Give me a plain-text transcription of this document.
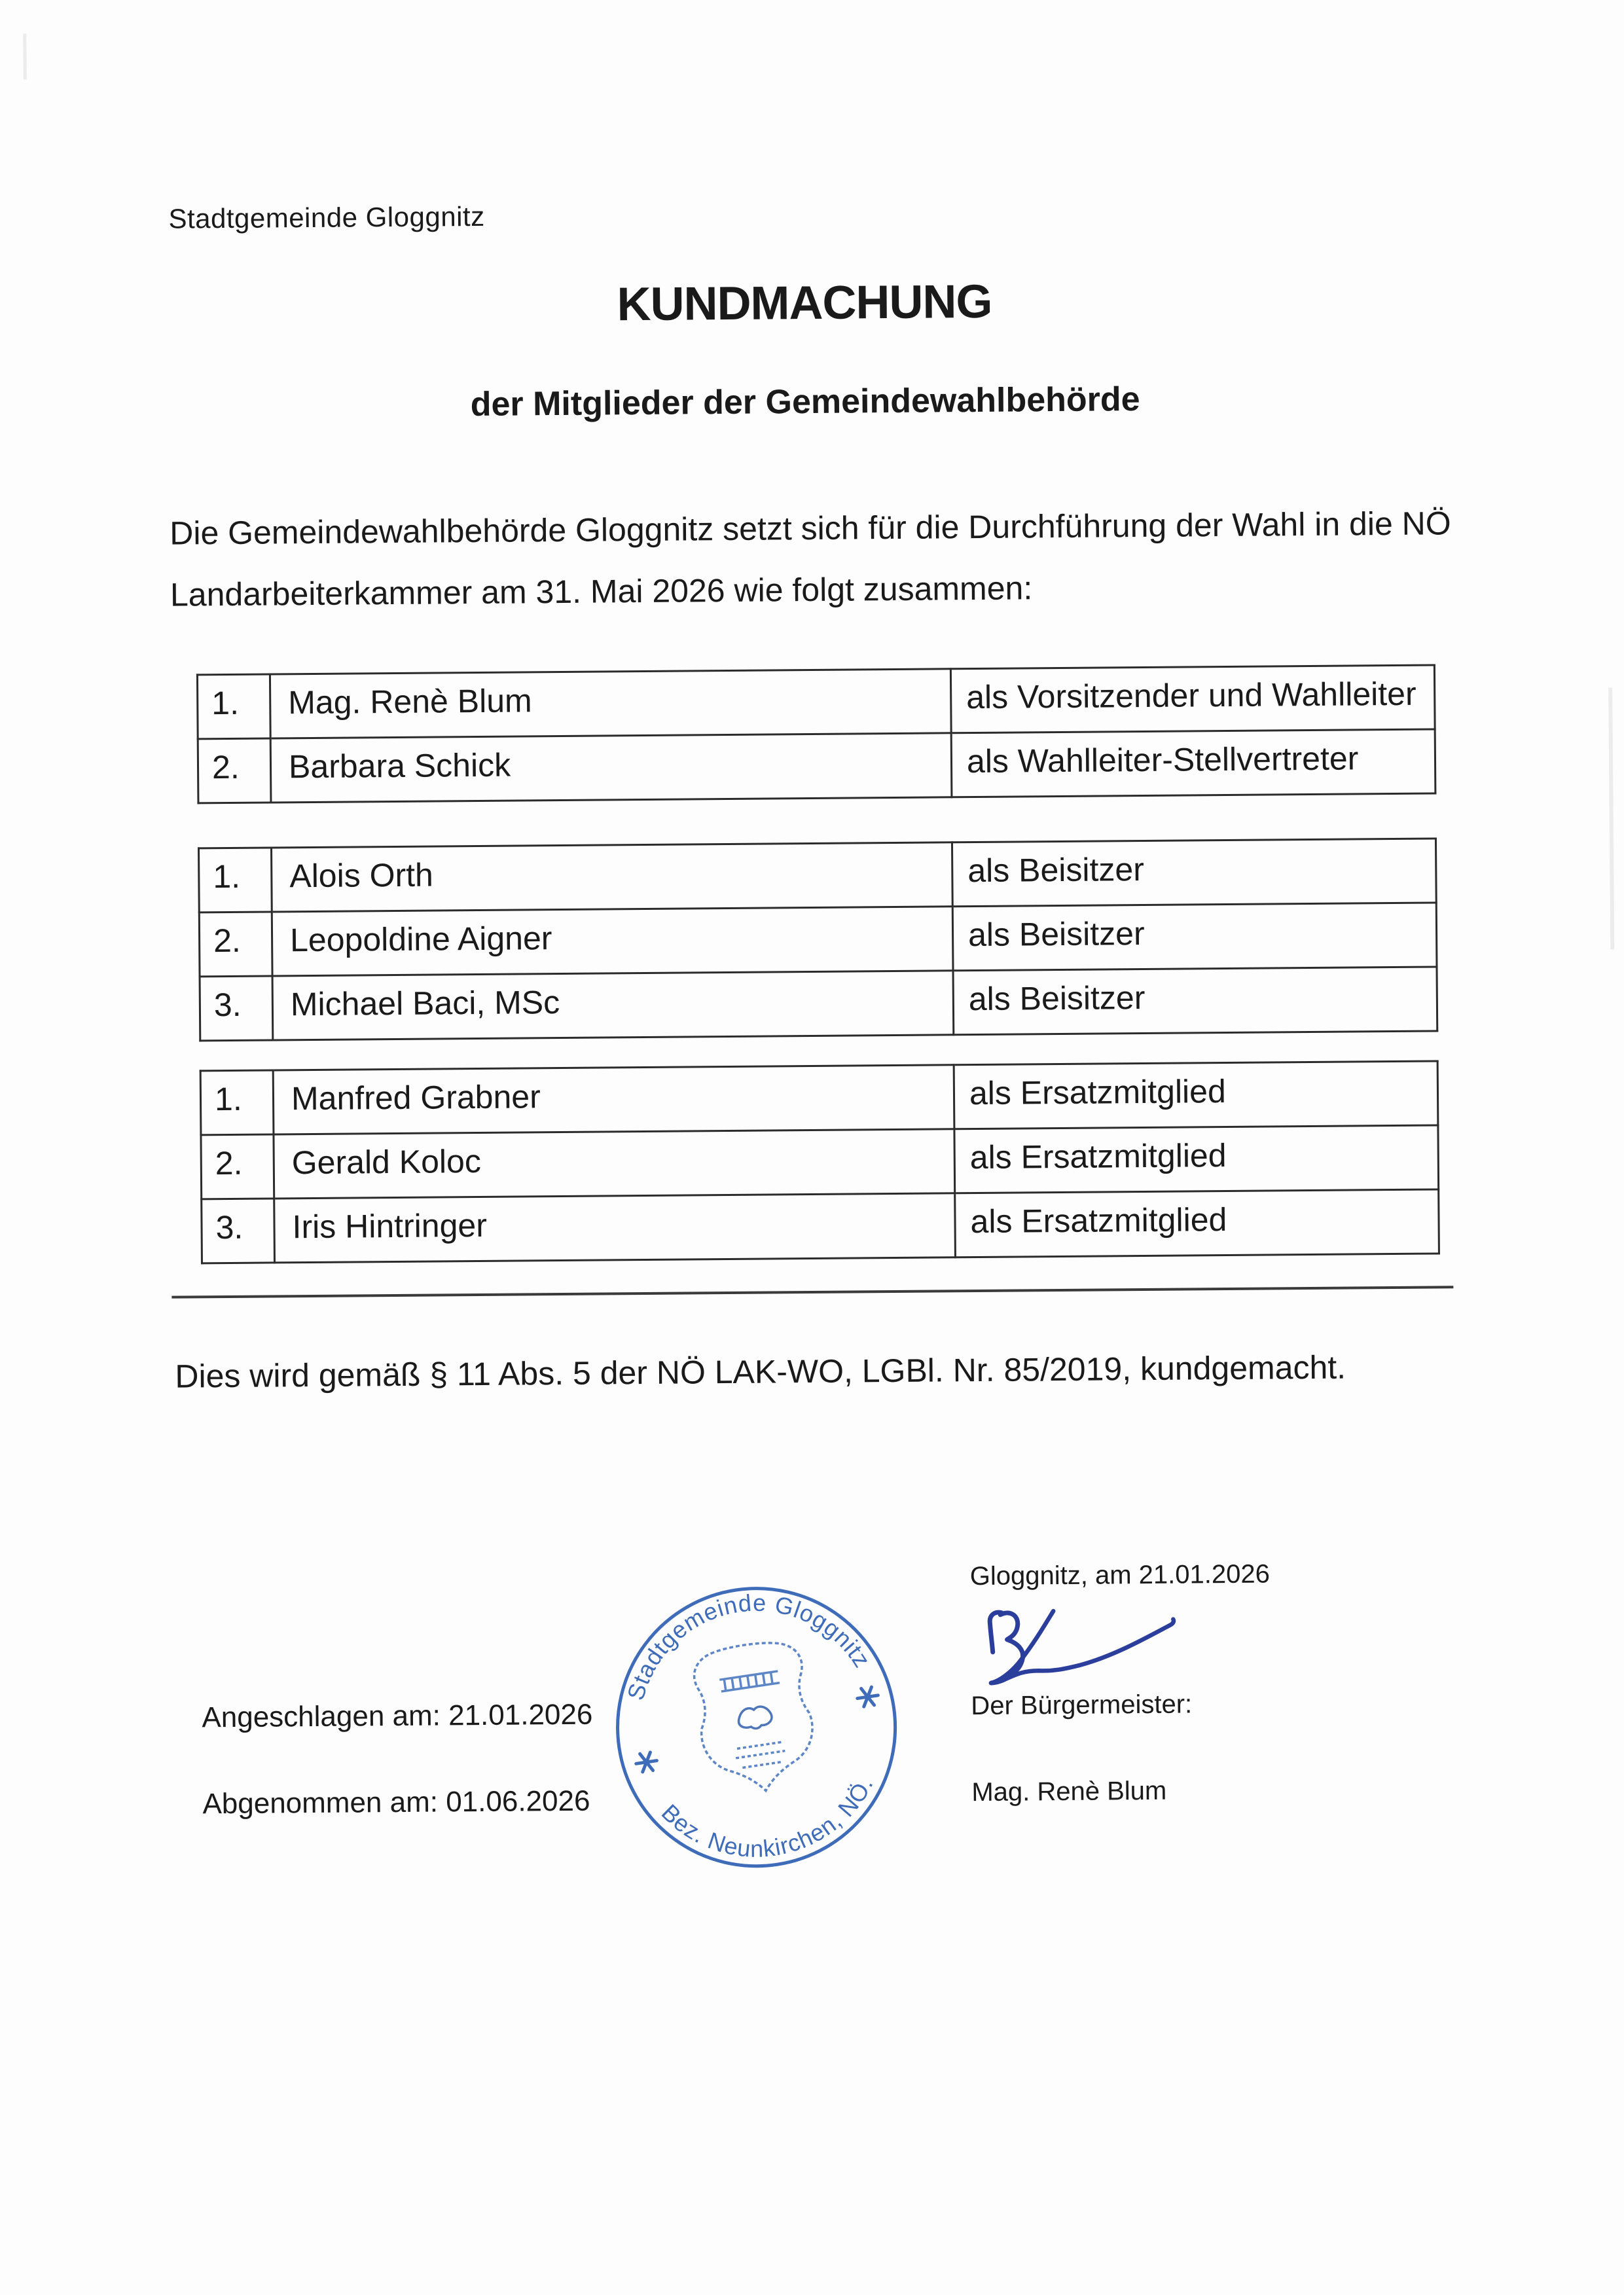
Stadtgemeinde Gloggnitz
KUNDMACHUNG
der Mitglieder der Gemeindewahlbehörde
Die Gemeindewahlbehörde Gloggnitz setzt sich für die Durchführung der Wahl in die NÖ Landarbeiterkammer am 31. Mai 2026 wie folgt zusammen:
1.	Mag. Renè Blum	als Vorsitzender und Wahlleiter
2.	Barbara Schick	als Wahlleiter-Stellvertreter
1.	Alois Orth	als Beisitzer
2.	Leopoldine Aigner	als Beisitzer
3.	Michael Baci, MSc	als Beisitzer
1.	Manfred Grabner	als Ersatzmitglied
2.	Gerald Koloc	als Ersatzmitglied
3.	Iris Hintringer	als Ersatzmitglied
Dies wird gemäß § 11 Abs. 5 der NÖ LAK-WO, LGBl. Nr. 85/2019, kundgemacht.
Gloggnitz, am 21.01.2026
Der Bürgermeister:
Mag. Renè Blum
Angeschlagen am: 21.01.2026
Abgenommen am: 01.06.2026
Stadtgemeinde Gloggnitz
Bez. Neunkirchen, NÖ.
